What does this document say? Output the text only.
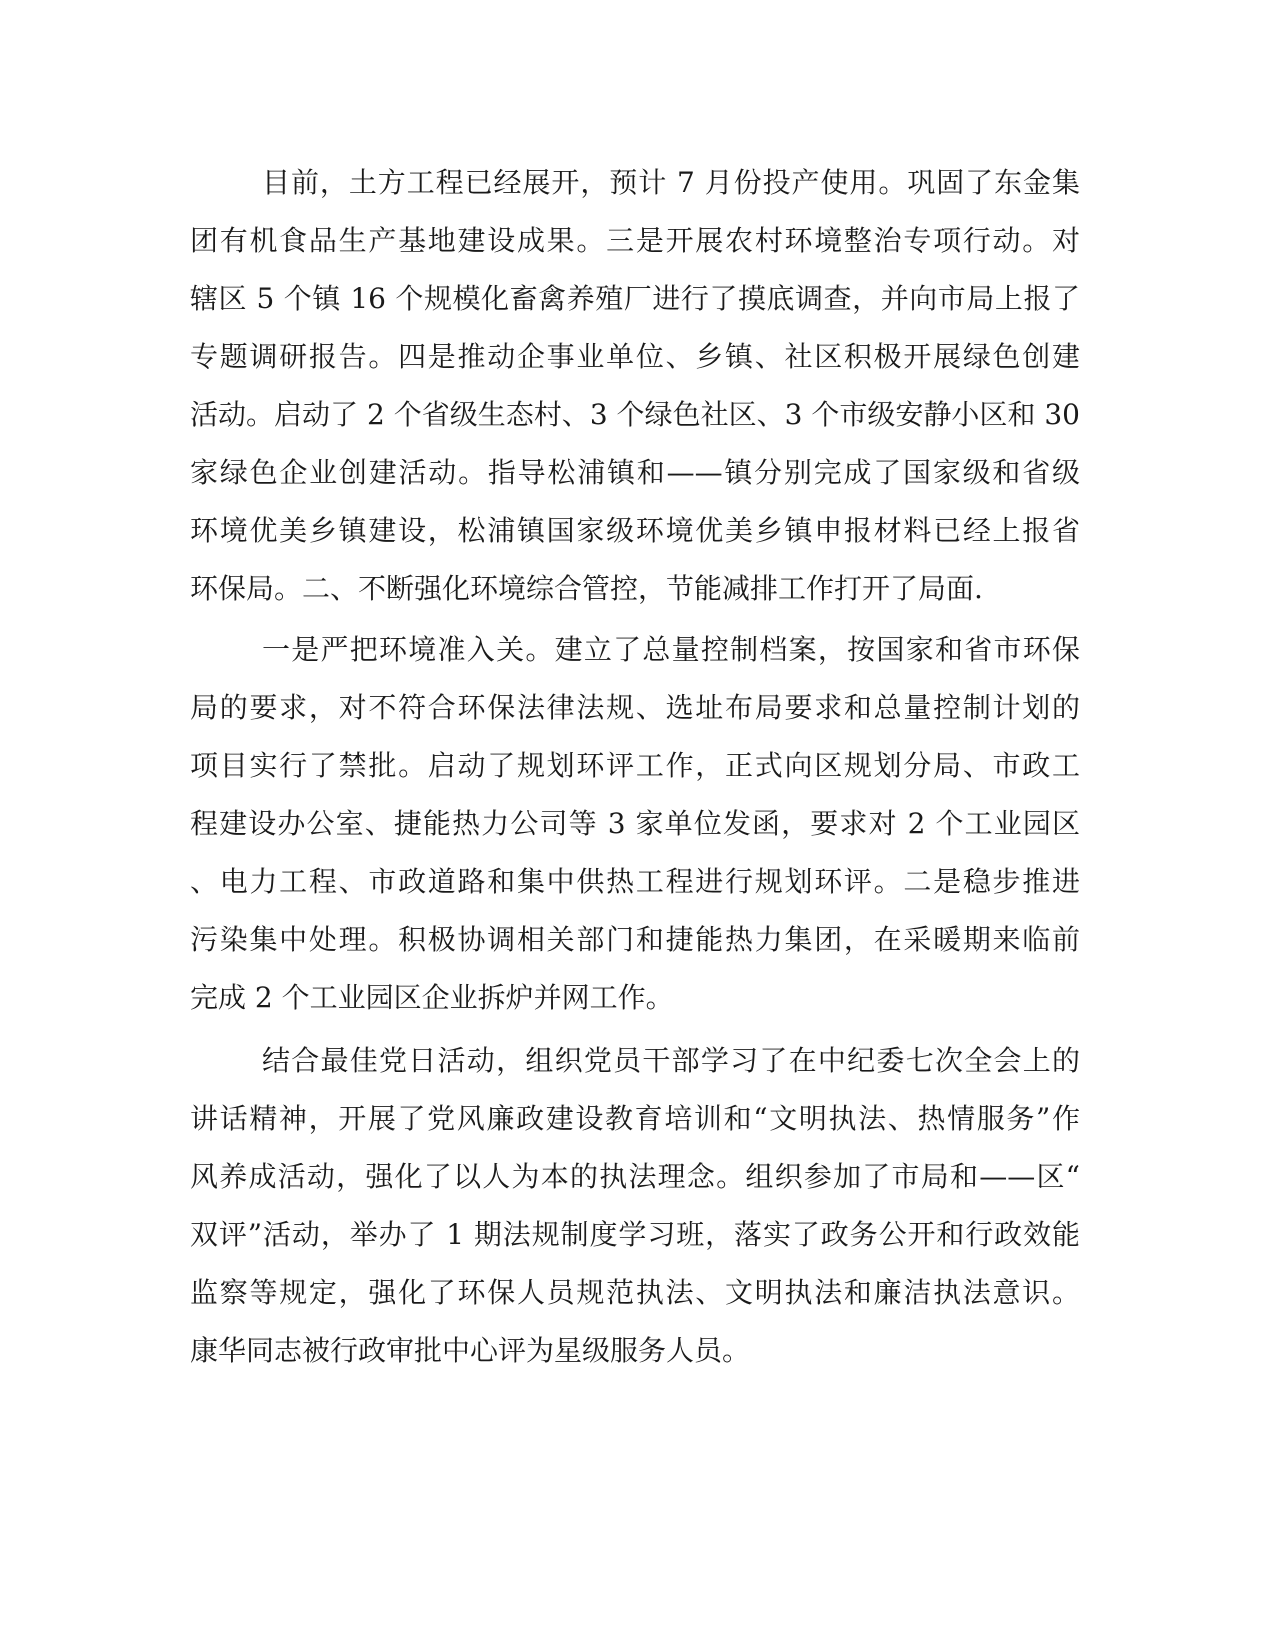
目前，土方工程已经展开，预计 7 月份投产使用。巩固了东金集
团有机食品生产基地建设成果。三是开展农村环境整治专项行动。对
辖区 5 个镇 16 个规模化畜禽养殖厂进行了摸底调查，并向市局上报了
专题调研报告。四是推动企事业单位、乡镇、社区积极开展绿色创建
活动。启动了 2 个省级生态村、3 个绿色社区、3 个市级安静小区和 30
家绿色企业创建活动。指导松浦镇和——镇分别完成了国家级和省级
环境优美乡镇建设，松浦镇国家级环境优美乡镇申报材料已经上报省
环保局。二、不断强化环境综合管控，节能减排工作打开了局面.
一是严把环境准入关。建立了总量控制档案，按国家和省市环保
局的要求，对不符合环保法律法规、选址布局要求和总量控制计划的
项目实行了禁批。启动了规划环评工作，正式向区规划分局、市政工
程建设办公室、捷能热力公司等 3 家单位发函，要求对 2 个工业园区
、电力工程、市政道路和集中供热工程进行规划环评。二是稳步推进
污染集中处理。积极协调相关部门和捷能热力集团，在采暖期来临前
完成 2 个工业园区企业拆炉并网工作。
结合最佳党日活动，组织党员干部学习了在中纪委七次全会上的
讲话精神，开展了党风廉政建设教育培训和“文明执法、热情服务”作
风养成活动，强化了以人为本的执法理念。组织参加了市局和——区“
双评”活动，举办了 1 期法规制度学习班，落实了政务公开和行政效能
监察等规定，强化了环保人员规范执法、文明执法和廉洁执法意识。
康华同志被行政审批中心评为星级服务人员。
